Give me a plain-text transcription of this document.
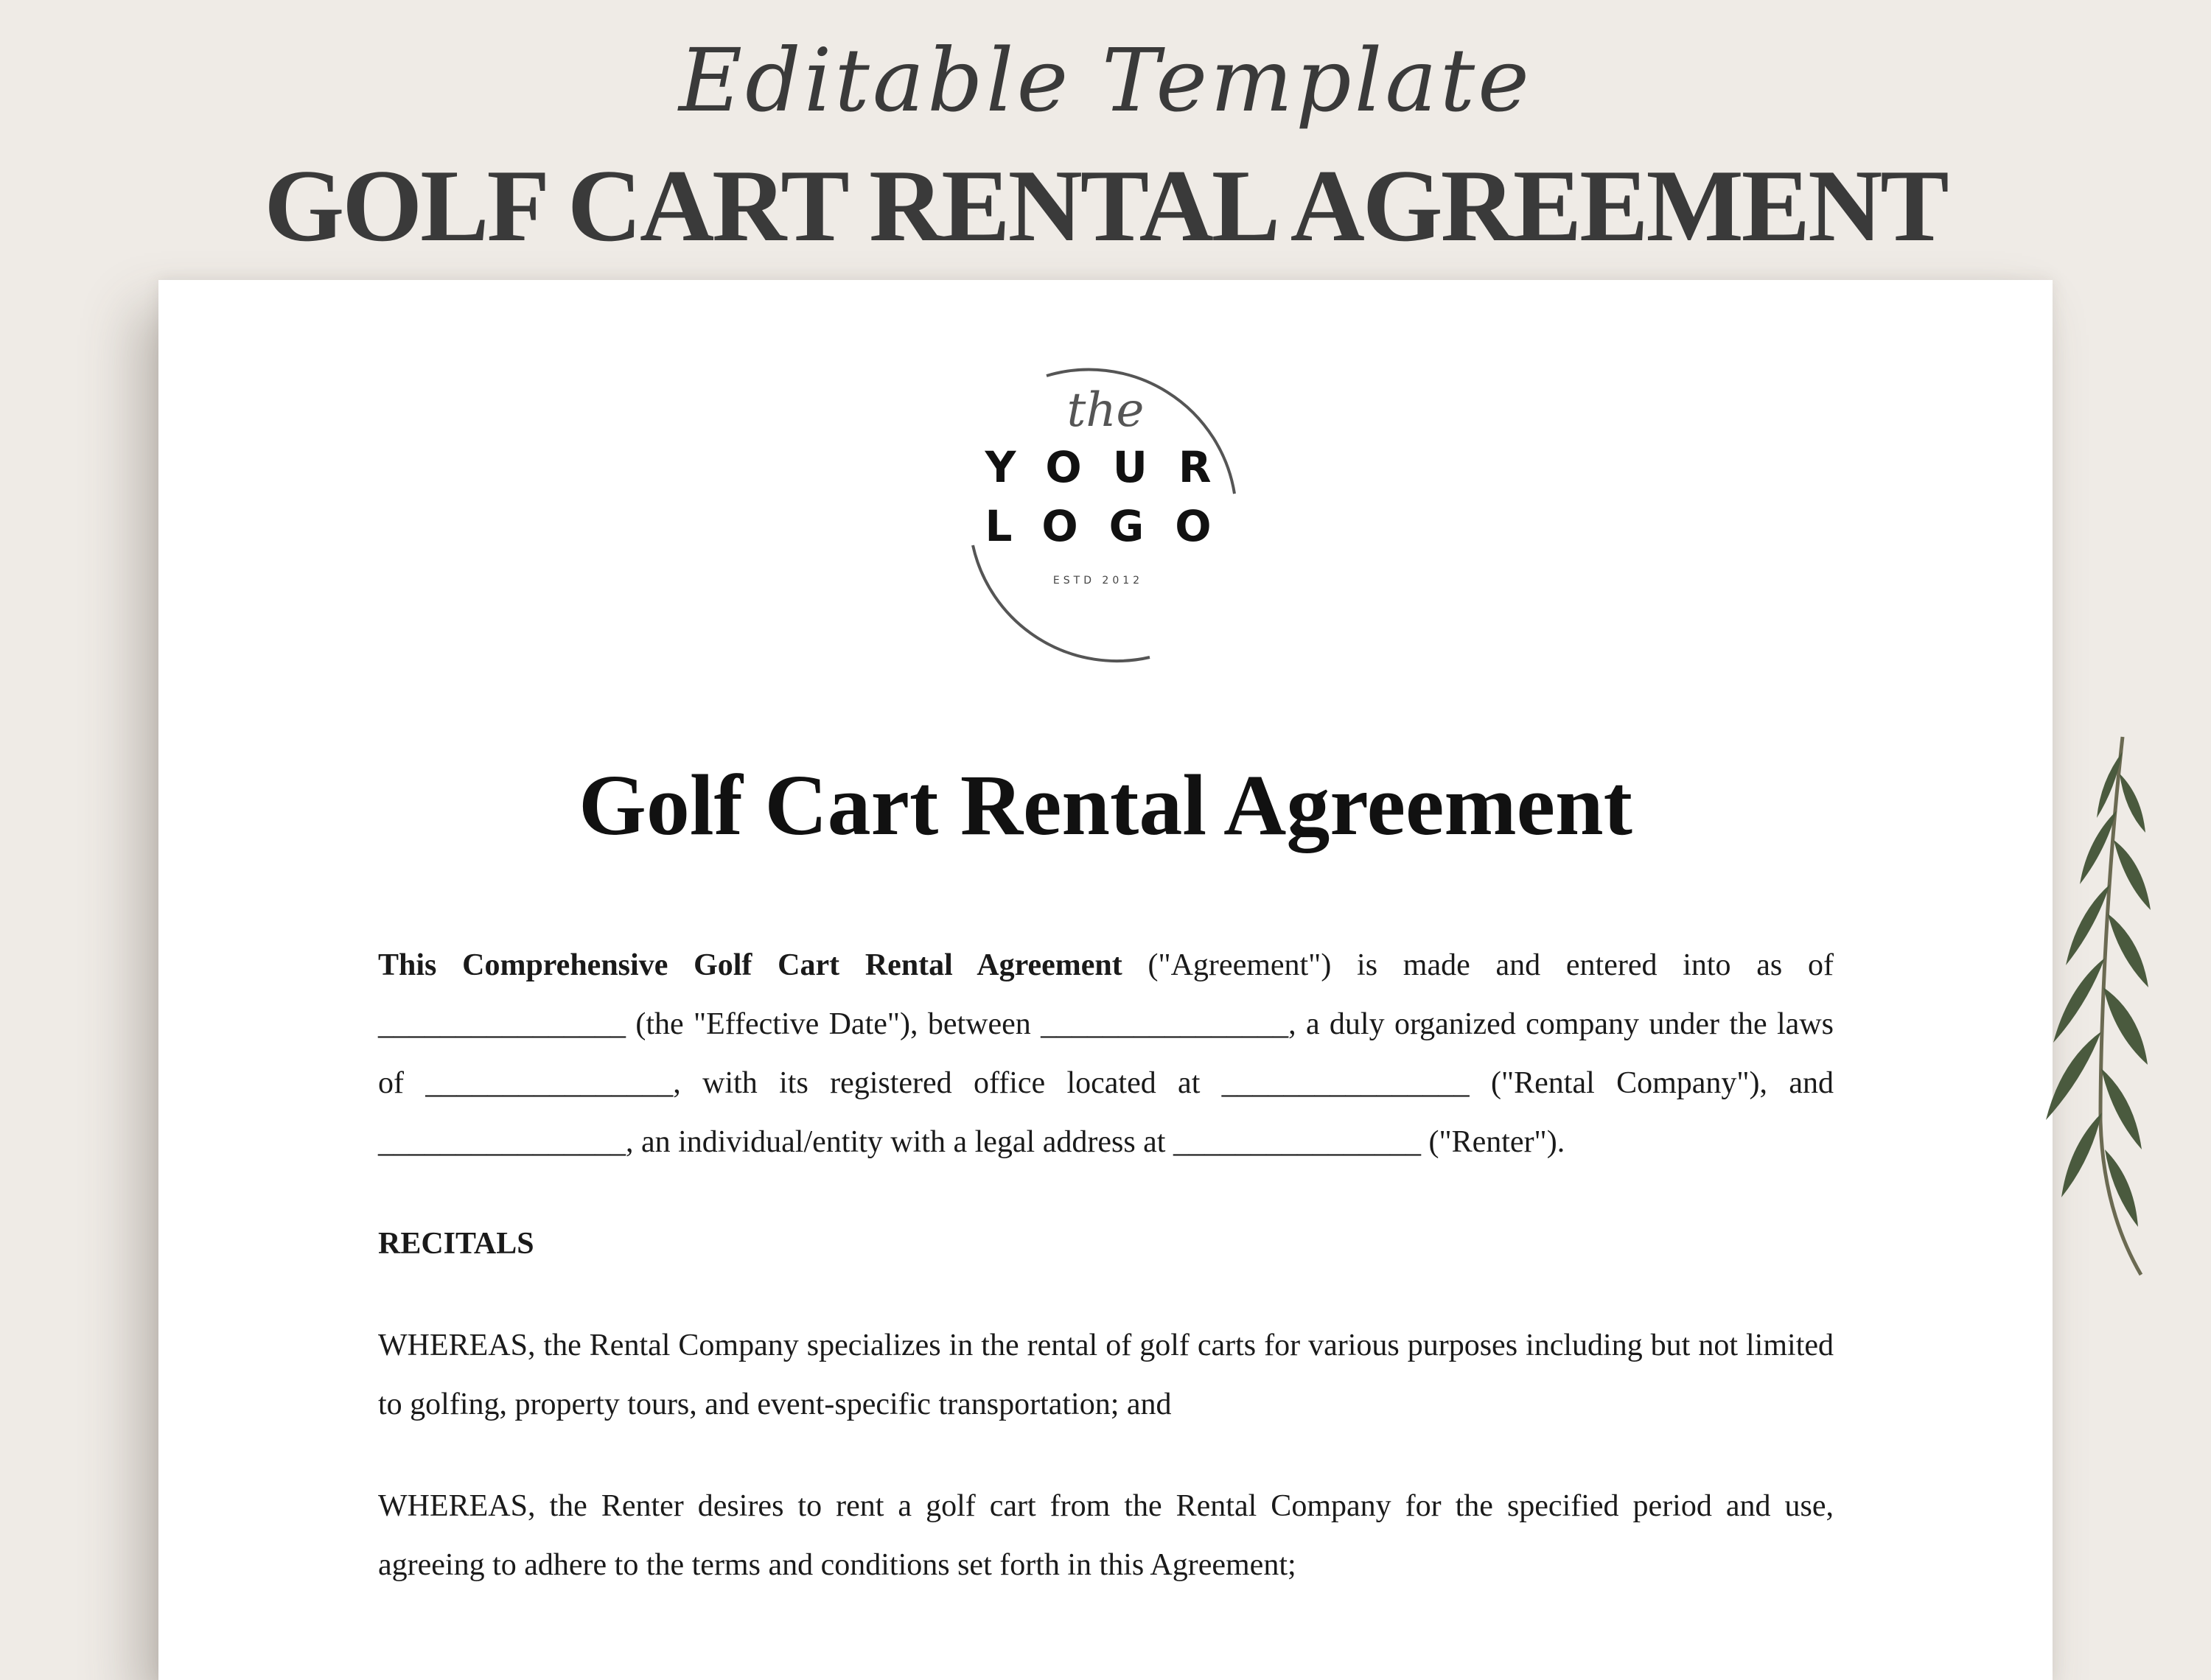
Editable Template
GOLF CART RENTAL AGREEMENT
the
YOUR
LOGO
ESTD 2012
Golf Cart Rental Agreement

This Comprehensive Golf Cart Rental Agreement ("Agreement") is made and entered into as of ________________ (the "Effective Date"), between ________________, a duly organized company under the laws of ________________, with its registered office located at ________________ ("Rental Company"), and ________________, an individual/entity with a legal address at ________________ ("Renter").

RECITALS

WHEREAS, the Rental Company specializes in the rental of golf carts for various purposes including but not limited to golfing, property tours, and event-specific transportation; and

WHEREAS, the Renter desires to rent a golf cart from the Rental Company for the specified period and use, agreeing to adhere to the terms and conditions set forth in this Agreement;
